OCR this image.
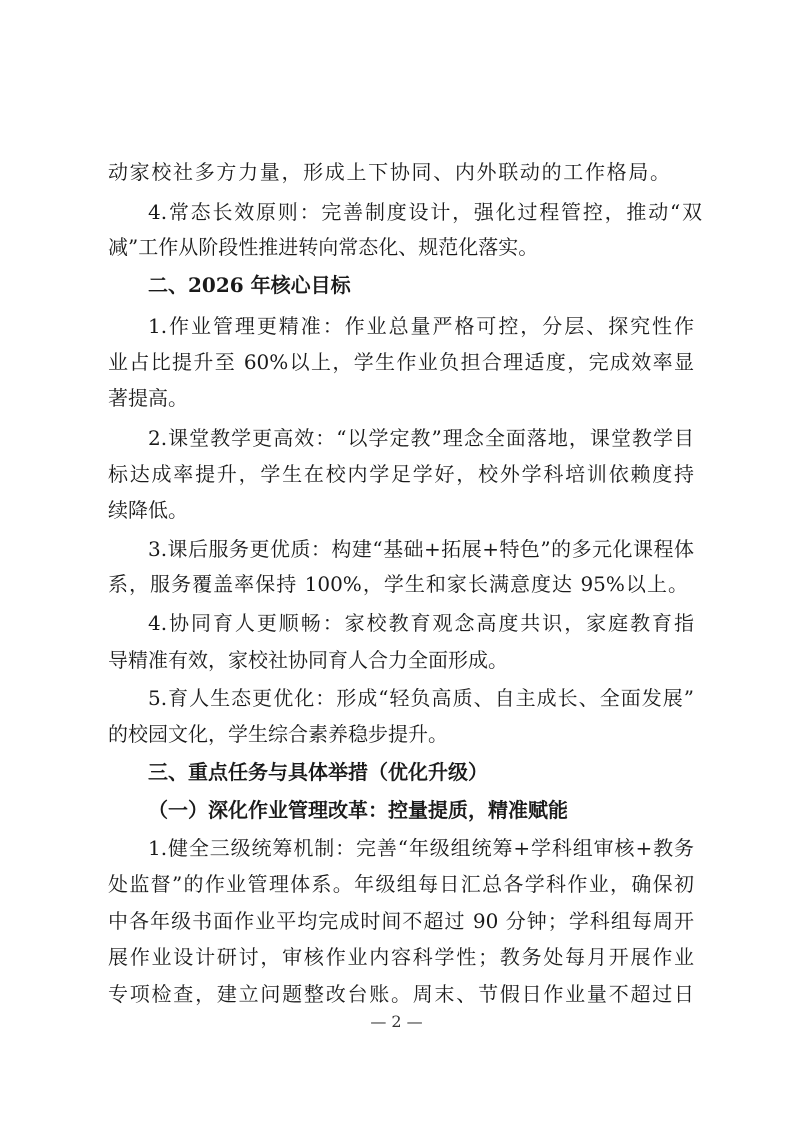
动家校社多方力量，形成上下协同、内外联动的工作格局。
4.常态长效原则：完善制度设计，强化过程管控，推动“双
减”工作从阶段性推进转向常态化、规范化落实。
二、2026 年核心目标
1.作业管理更精准：作业总量严格可控，分层、探究性作
业占比提升至 60%以上，学生作业负担合理适度，完成效率显
著提高。
2.课堂教学更高效：“以学定教”理念全面落地，课堂教学目
标达成率提升，学生在校内学足学好，校外学科培训依赖度持
续降低。
3.课后服务更优质：构建“基础+拓展+特色”的多元化课程体
系，服务覆盖率保持 100%，学生和家长满意度达 95%以上。
4.协同育人更顺畅：家校教育观念高度共识，家庭教育指
导精准有效，家校社协同育人合力全面形成。
5.育人生态更优化：形成“轻负高质、自主成长、全面发展”
的校园文化，学生综合素养稳步提升。
三、重点任务与具体举措（优化升级）
（一）深化作业管理改革：控量提质，精准赋能
1.健全三级统筹机制：完善“年级组统筹+学科组审核+教务
处监督”的作业管理体系。年级组每日汇总各学科作业，确保初
中各年级书面作业平均完成时间不超过 90 分钟；学科组每周开
展作业设计研讨，审核作业内容科学性；教务处每月开展作业
专项检查，建立问题整改台账。周末、节假日作业量不超过日
— 2 —
